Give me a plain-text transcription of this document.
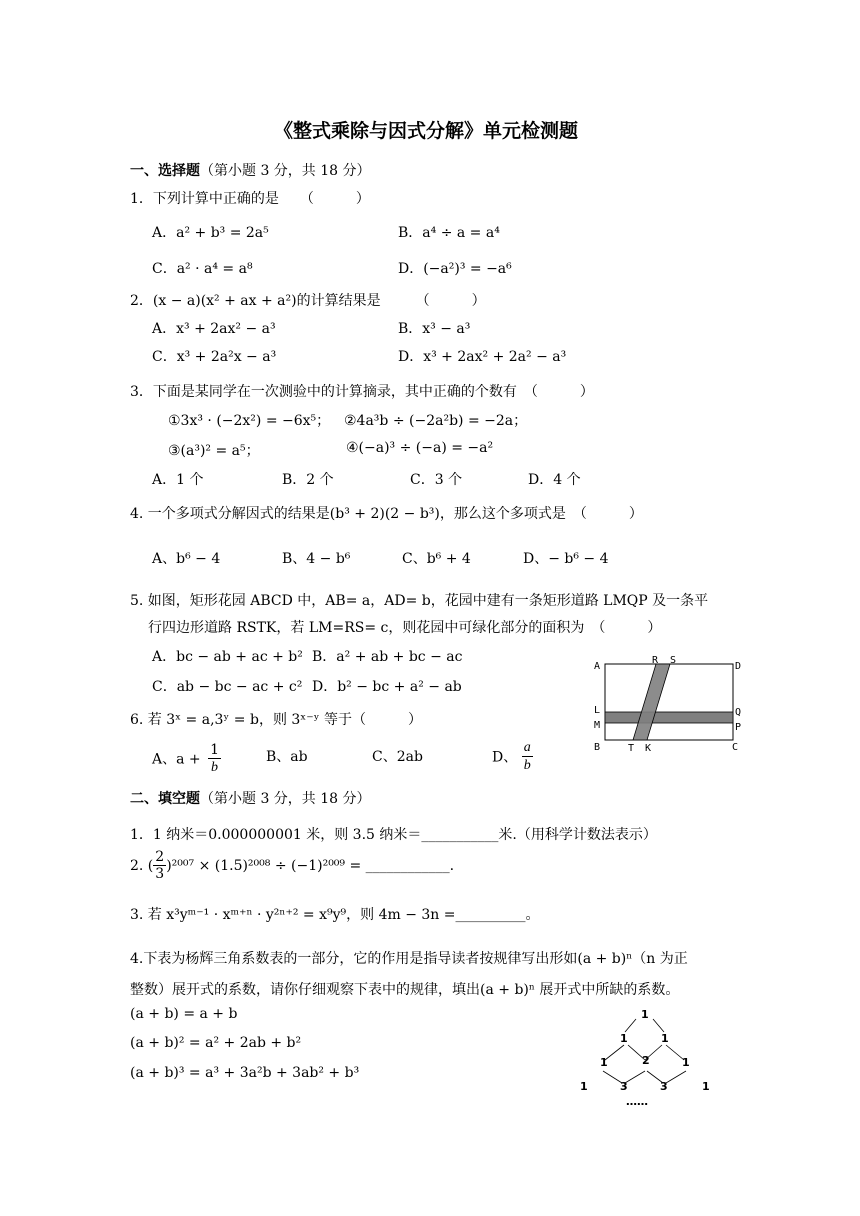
《整式乘除与因式分解》单元检测题
一、选择题（第小题 3 分，共 18 分）
1．下列计算中正确的是　　（　　　）
A．a² + b³ = 2a⁵	B．a⁴ ÷ a = a⁴
C．a² · a⁴ = a⁸	D．(−a²)³ = −a⁶
2．(x − a)(x² + ax + a²)的计算结果是　　　（　　　）
A．x³ + 2ax² − a³	B．x³ − a³
C．x³ + 2a²x − a³	D．x³ + 2ax² + 2a² − a³
3．下面是某同学在一次测验中的计算摘录，其中正确的个数有　（　　　）
①3x³ · (−2x²) = −6x⁵； ②4a³b ÷ (−2a²b) = −2a；
③(a³)² = a⁵；	④(−a)³ ÷ (−a) = −a²
A．1 个	B．2 个	C．3 个	D．4 个
4. 一个多项式分解因式的结果是(b³ + 2)(2 − b³)，那么这个多项式是　（　　　）
A、b⁶ − 4	B、4 − b⁶	C、b⁶ + 4	D、− b⁶ − 4
5. 如图，矩形花园 ABCD 中，AB= a，AD= b，花园中建有一条矩形道路 LMQP 及一条平
行四边形道路 RSTK，若 LM=RS= c，则花园中可绿化部分的面积为　（　　　）
A．bc − ab + ac + b² B．a² + ab + bc − ac
C．ab − bc − ac + c² D．b² − bc + a² − ab
A
R S
D
L	Q
M	P
B	T K	C
6. 若 3ˣ = a,3ʸ = b，则 3ˣ⁻ʸ 等于（　　　）
A、$a + \frac{1}{b}$	B、ab	C、2ab	D、 $\frac{a}{b}$
二、填空题（第小题 3 分，共 18 分）
1．1 纳米＝0.000000001 米，则 3.5 纳米＝___________米.（用科学计数法表示）
2. ( $\frac{2}{3} )^{2007} \times (1.5)^{2008} \div (-1)^{2009}$ = ____________.
3. 若 x³yᵐ⁻¹ · xᵐ⁺ⁿ · y²ⁿ⁺² = x⁹y⁹，则 4m − 3n =__________。
4.下表为杨辉三角系数表的一部分，它的作用是指导读者按规律写出形如(a + b)ⁿ（n 为正
整数）展开式的系数，请你仔细观察下表中的规律，填出(a + b)ⁿ 展开式中所缺的系数。
(a + b) = a + b
(a + b)² = a² + 2ab + b²
(a + b)³ = a³ + 3a²b + 3ab² + b³
1
1	1
1	2	1
1	3	3	1
……
